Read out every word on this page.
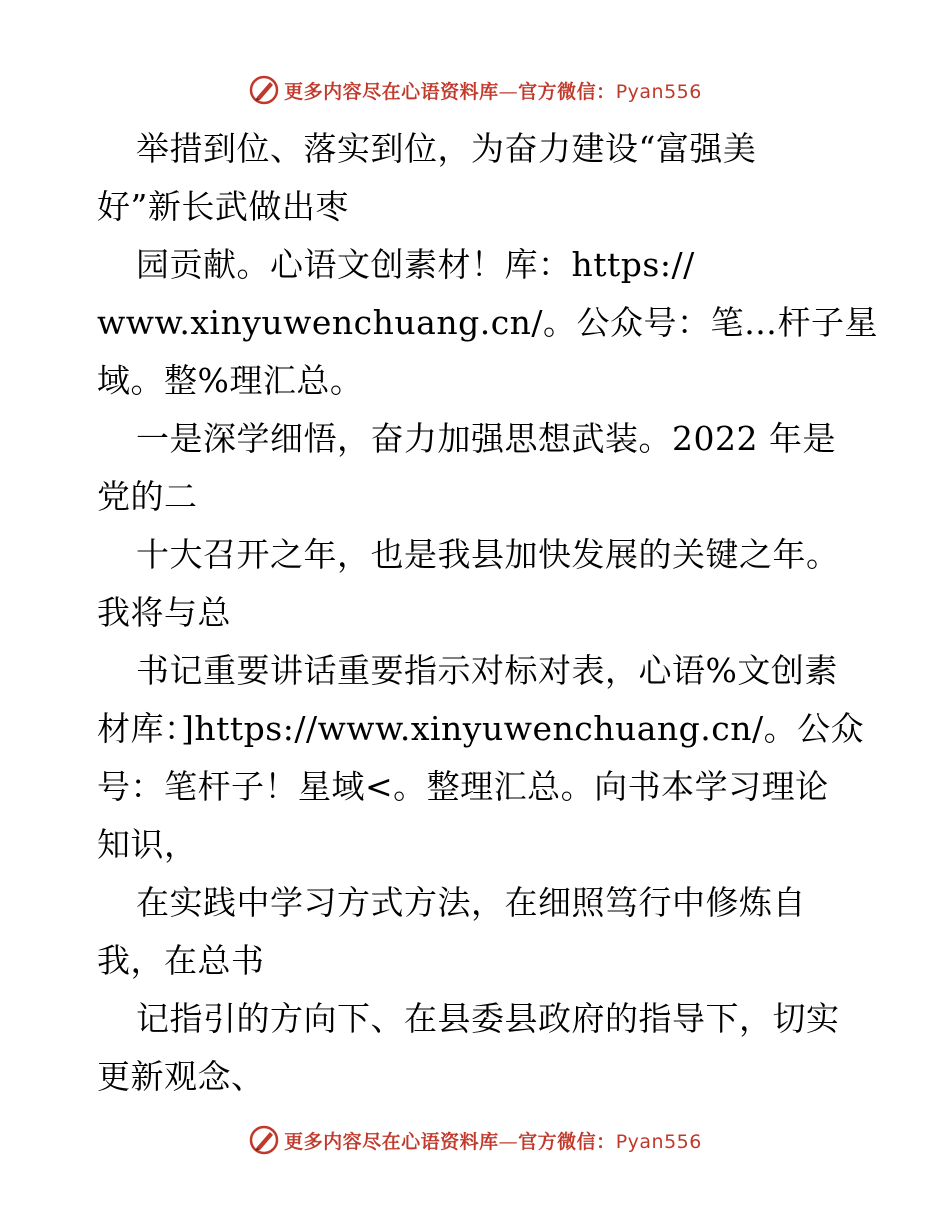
更多内容尽在心语资料库—官方微信：Pyan556
举措到位、落实到位，为奋力建设“富强美
好”新长武做出枣
园贡献。心语文创素材！库：https://
www.xinyuwenchuang.cn/。公众号：笔…杆子星
域。整%理汇总。
一是深学细悟，奋力加强思想武装。2022 年是
党的二
十大召开之年，也是我县加快发展的关键之年。
我将与总
书记重要讲话重要指示对标对表，心语%文创素
材库：]https://www.xinyuwenchuang.cn/。公众
号：笔杆子！星域<。整理汇总。向书本学习理论
知识，
在实践中学习方式方法，在细照笃行中修炼自
我，在总书
记指引的方向下、在县委县政府的指导下，切实
更新观念、
更多内容尽在心语资料库—官方微信：Pyan556
